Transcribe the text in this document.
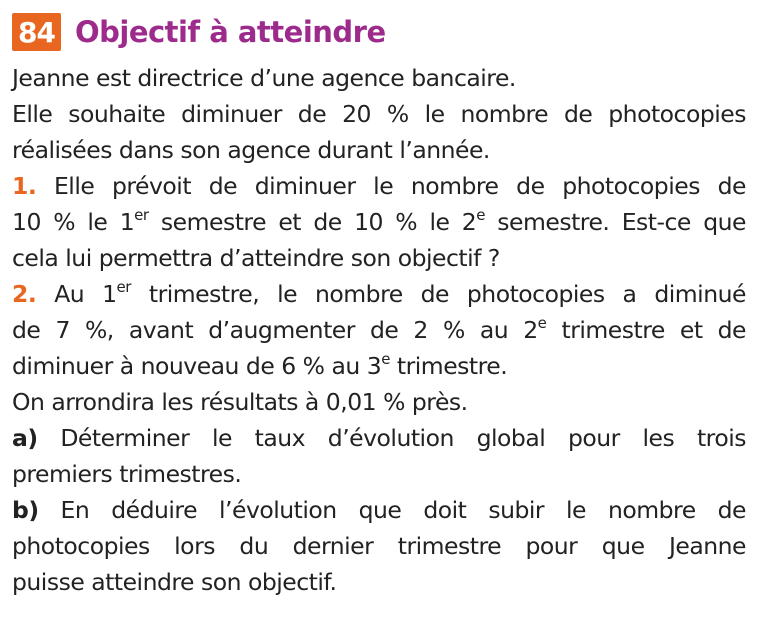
84 Objectif à atteindre
Jeanne est directrice d’une agence bancaire.
Elle souhaite diminuer de 20 % le nombre de photocopies
réalisées dans son agence durant l’année.
1. Elle prévoit de diminuer le nombre de photocopies de
10 % le 1er semestre et de 10 % le 2e semestre. Est-ce que
cela lui permettra d’atteindre son objectif ?
2. Au 1er trimestre, le nombre de photocopies a diminué
de 7 %, avant d’augmenter de 2 % au 2e trimestre et de
diminuer à nouveau de 6 % au 3e trimestre.
On arrondira les résultats à 0,01 % près.
a) Déterminer le taux d’évolution global pour les trois
premiers trimestres.
b) En déduire l’évolution que doit subir le nombre de
photocopies lors du dernier trimestre pour que Jeanne
puisse atteindre son objectif.
